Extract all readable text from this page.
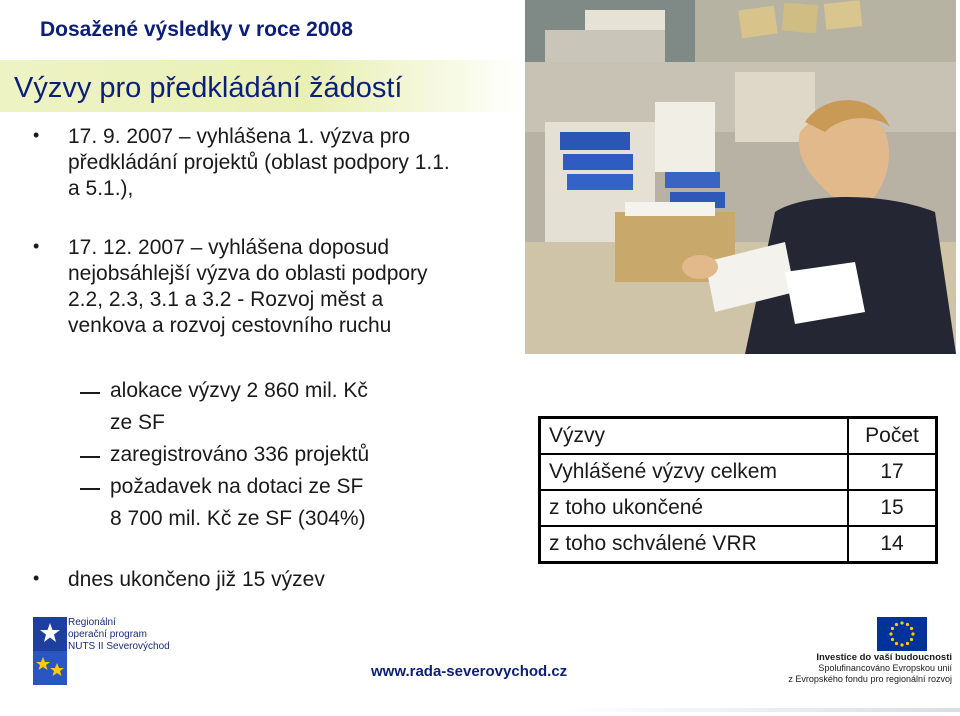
Dosažené výsledky v roce 2008
Výzvy pro předkládání žádostí
• 17. 9. 2007 – vyhlášena 1. výzva pro
předkládání projektů (oblast podpory 1.1.
a 5.1.),
• 17. 12. 2007 – vyhlášena doposud
nejobsáhlejší výzva do oblasti podpory
2.2, 2.3, 3.1 a 3.2 - Rozvoj měst a
venkova a rozvoj cestovního ruchu
alokace výzvy 2 860 mil. Kč
ze SF
zaregistrováno 336 projektů
požadavek na dotaci ze SF
8 700 mil. Kč ze SF (304%)
• dnes ukončeno již 15 výzev
Výzvy	Počet
Vyhlášené výzvy celkem	17
z toho ukončené	15
z toho schválené VRR	14
Regionální
operační program
NUTS II Severovýchod
www.rada-severovychod.cz
Investice do vaší budoucnosti
Spolufinancováno Evropskou unií
z Evropského fondu pro regionální rozvoj
